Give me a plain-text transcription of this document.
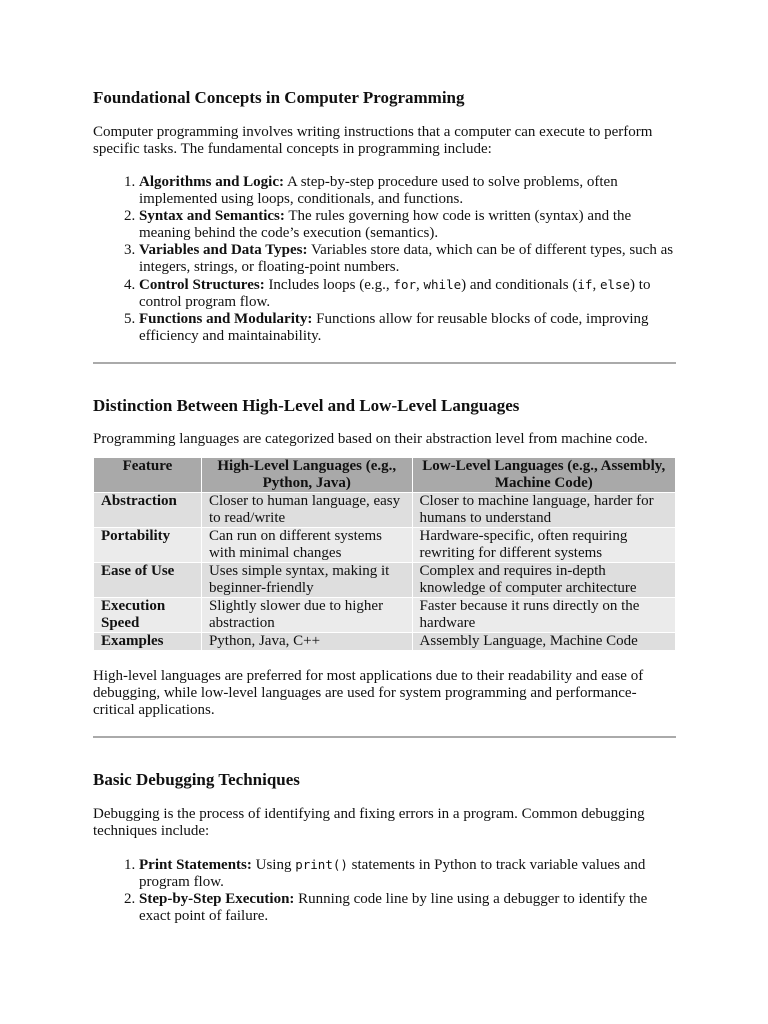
Foundational Concepts in Computer Programming

Computer programming involves writing instructions that a computer can execute to perform specific tasks. The fundamental concepts in programming include:

1. Algorithms and Logic: A step-by-step procedure used to solve problems, often implemented using loops, conditionals, and functions.
2. Syntax and Semantics: The rules governing how code is written (syntax) and the meaning behind the code’s execution (semantics).
3. Variables and Data Types: Variables store data, which can be of different types, such as integers, strings, or floating-point numbers.
4. Control Structures: Includes loops (e.g., for, while) and conditionals (if, else) to control program flow.
5. Functions and Modularity: Functions allow for reusable blocks of code, improving efficiency and maintainability.
Distinction Between High-Level and Low-Level Languages

Programming languages are categorized based on their abstraction level from machine code.

Feature	High-Level Languages (e.g., Python, Java)	Low-Level Languages (e.g., Assembly, Machine Code)
Abstraction	Closer to human language, easy to read/write	Closer to machine language, harder for humans to understand
Portability	Can run on different systems with minimal changes	Hardware-specific, often requiring rewriting for different systems
Ease of Use	Uses simple syntax, making it beginner-friendly	Complex and requires in-depth knowledge of computer architecture
Execution Speed	Slightly slower due to higher abstraction	Faster because it runs directly on the hardware
Examples	Python, Java, C++	Assembly Language, Machine Code

High-level languages are preferred for most applications due to their readability and ease of debugging, while low-level languages are used for system programming and performance-critical applications.

Basic Debugging Techniques

Debugging is the process of identifying and fixing errors in a program. Common debugging techniques include:

1. Print Statements: Using print() statements in Python to track variable values and program flow.
2. Step-by-Step Execution: Running code line by line using a debugger to identify the exact point of failure.
